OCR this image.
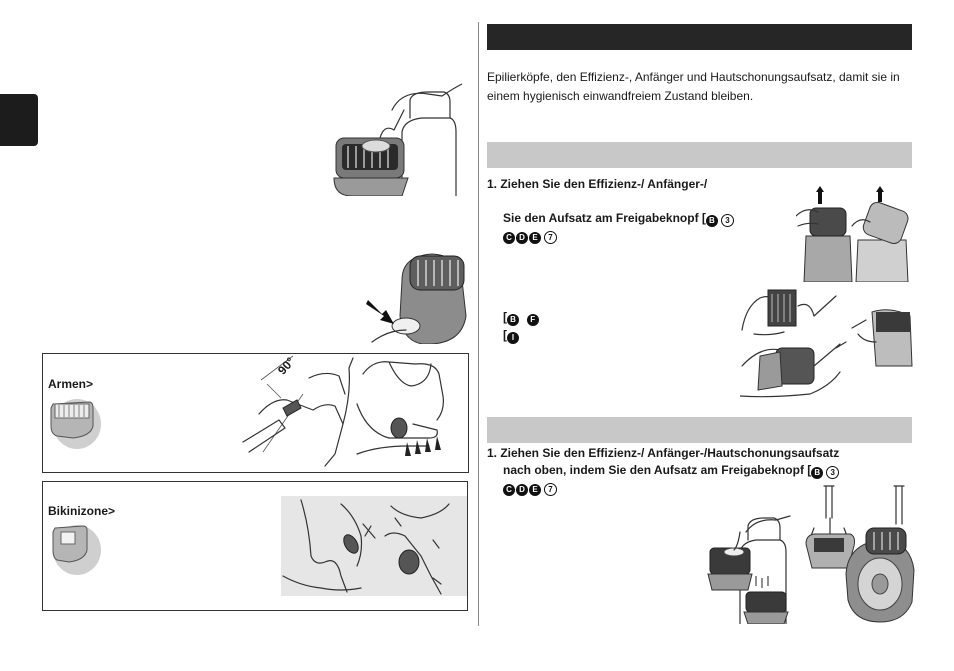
Armen>
90°
Bikinizone>
Epilierköpfe, den Effizienz-, Anfänger und Hautschonungsaufsatz, damit sie in einem hygienisch einwandfreiem Zustand bleiben.
1. Ziehen Sie den Effizienz-/ Anfänger-/
Sie den Aufsatz am Freigabeknopf [ B 3
C D E 7
[ B F
[ I
1. Ziehen Sie den Effizienz-/ Anfänger-/Hautschonungsaufsatz
nach oben, indem Sie den Aufsatz am Freigabeknopf [ B 3
C D E 7
